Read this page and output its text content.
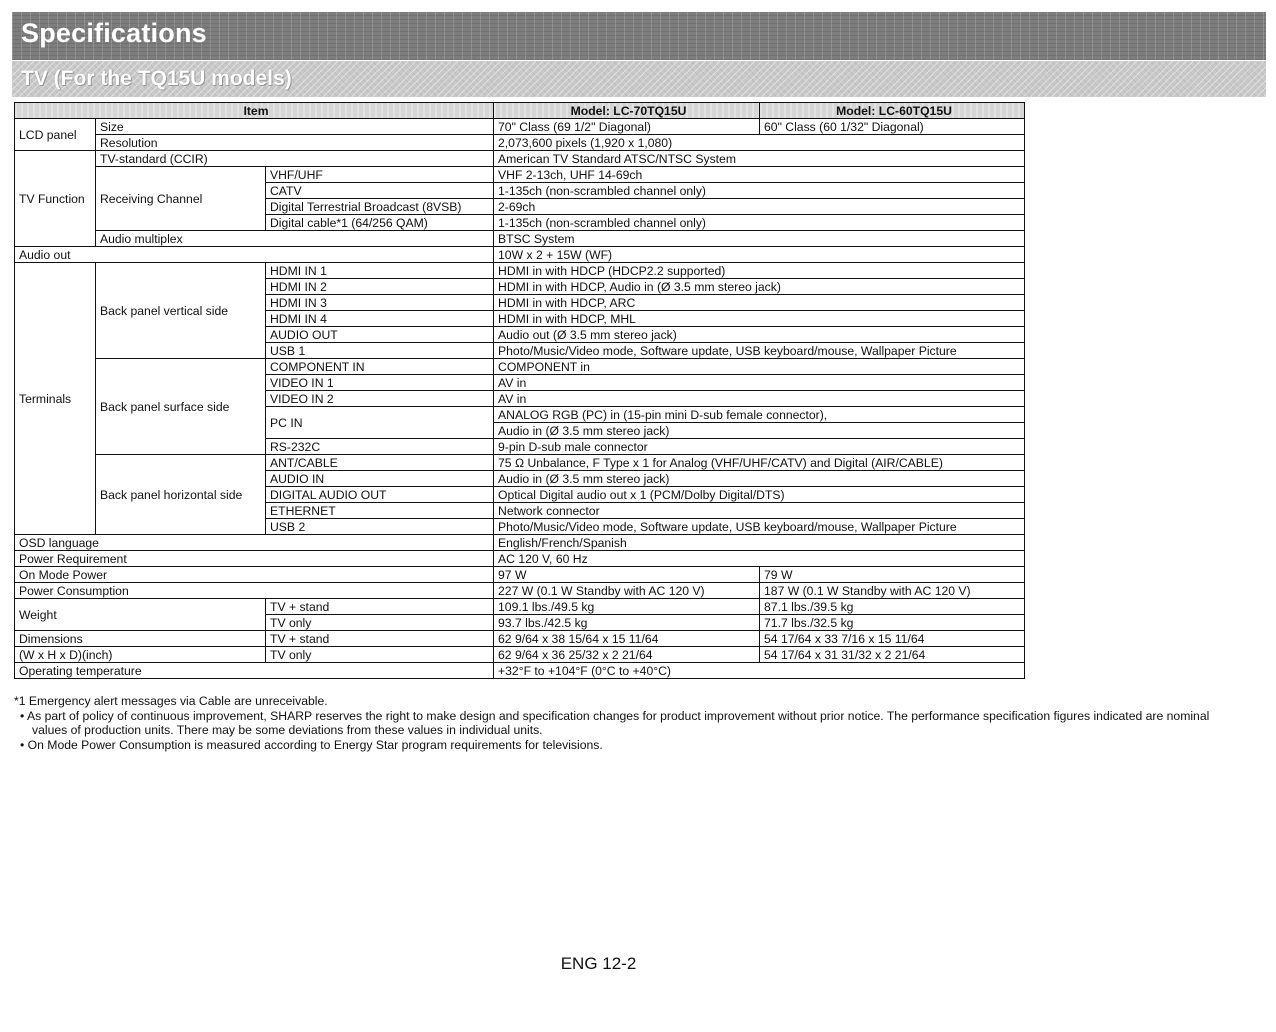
Specifications
TV (For the TQ15U models)
Item			Model: LC-70TQ15U	Model: LC-60TQ15U
LCD panel	Size		70" Class (69 1/2" Diagonal)	60" Class (60 1/32" Diagonal)
	Resolution		2,073,600 pixels (1,920 x 1,080)	
TV Function	TV-standard (CCIR)		American TV Standard ATSC/NTSC System	
	Receiving Channel	VHF/UHF	VHF 2-13ch, UHF 14-69ch	
		CATV	1-135ch (non-scrambled channel only)	
		Digital Terrestrial Broadcast (8VSB)	2-69ch	
		Digital cable*1 (64/256 QAM)	1-135ch (non-scrambled channel only)	
	Audio multiplex		BTSC System	
Audio out			10W x 2 + 15W (WF)	
Terminals	Back panel vertical side	HDMI IN 1	HDMI in with HDCP (HDCP2.2 supported)	
		HDMI IN 2	HDMI in with HDCP, Audio in (Ø 3.5 mm stereo jack)	
		HDMI IN 3	HDMI in with HDCP, ARC	
		HDMI IN 4	HDMI in with HDCP, MHL	
		AUDIO OUT	Audio out (Ø 3.5 mm stereo jack)	
		USB 1	Photo/Music/Video mode, Software update, USB keyboard/mouse, Wallpaper Picture	
	Back panel surface side	COMPONENT IN	COMPONENT in	
		VIDEO IN 1	AV in	
		VIDEO IN 2	AV in	
		PC IN	ANALOG RGB (PC) in (15-pin mini D-sub female connector),	
			Audio in (Ø 3.5 mm stereo jack)	
		RS-232C	9-pin D-sub male connector	
	Back panel horizontal side	ANT/CABLE	75 Ω Unbalance, F Type x 1 for Analog (VHF/UHF/CATV) and Digital (AIR/CABLE)	
		AUDIO IN	Audio in (Ø 3.5 mm stereo jack)	
		DIGITAL AUDIO OUT	Optical Digital audio out x 1 (PCM/Dolby Digital/DTS)	
		ETHERNET	Network connector	
		USB 2	Photo/Music/Video mode, Software update, USB keyboard/mouse, Wallpaper Picture	
OSD language			English/French/Spanish	
Power Requirement			AC 120 V, 60 Hz	
On Mode Power			97 W	79 W
Power Consumption			227 W (0.1 W Standby with AC 120 V)	187 W (0.1 W Standby with AC 120 V)
Weight		TV + stand	109.1 lbs./49.5 kg	87.1 lbs./39.5 kg
		TV only	93.7 lbs./42.5 kg	71.7 lbs./32.5 kg
Dimensions		TV + stand	62 9/64 x 38 15/64 x 15 11/64	54 17/64 x 33 7/16 x 15 11/64
(W x H x D)(inch)		TV only	62 9/64 x 36 25/32 x 2 21/64	54 17/64 x 31 31/32 x 2 21/64
Operating temperature			+32°F to +104°F (0°C to +40°C)	

*1 Emergency alert messages via Cable are unreceivable.

• As part of policy of continuous improvement, SHARP reserves the right to make design and specification changes for product improvement without prior notice. The performance specification figures indicated are nominal values of production units. There may be some deviations from these values in individual units.

• On Mode Power Consumption is measured according to Energy Star program requirements for televisions.

ENG 12-2
